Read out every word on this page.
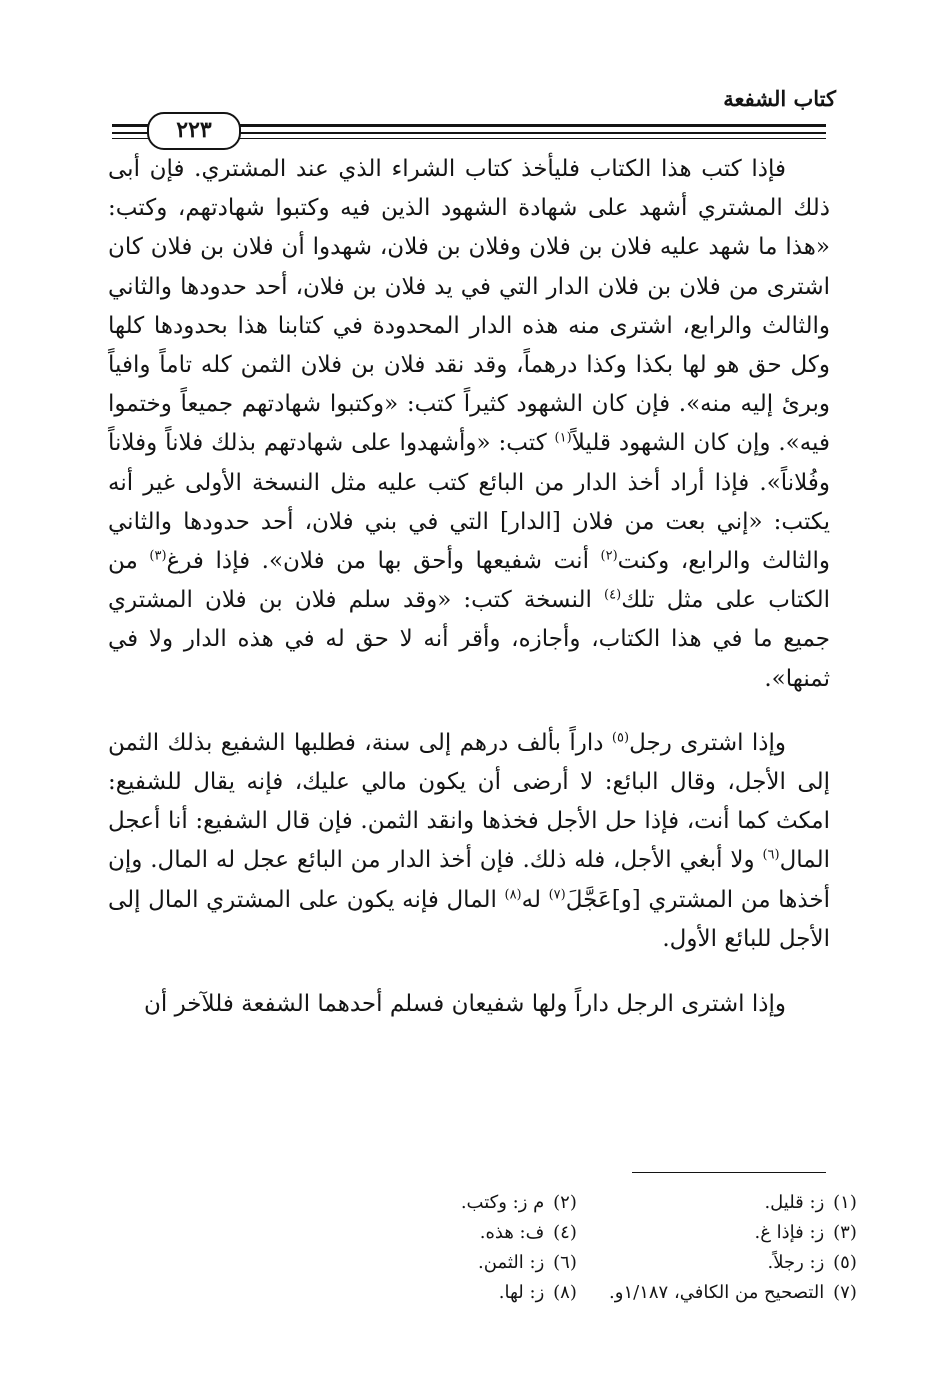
كتاب الشفعة
٢٢٣

فإذا كتب هذا الكتاب فليأخذ كتاب الشراء الذي عند المشتري. فإن أبى ذلك المشتري أشهد على شهادة الشهود الذين فيه وكتبوا شهادتهم، وكتب: «هذا ما شهد عليه فلان بن فلان وفلان بن فلان، شهدوا أن فلان بن فلان كان اشترى من فلان بن فلان الدار التي في يد فلان بن فلان، أحد حدودها والثاني والثالث والرابع، اشترى منه هذه الدار المحدودة في كتابنا هذا بحدودها كلها وكل حق هو لها بكذا وكذا درهماً، وقد نقد فلان بن فلان الثمن كله تاماً وافياً وبرئ إليه منه». فإن كان الشهود كثيراً كتب: «وكتبوا شهادتهم جميعاً وختموا فيه». وإن كان الشهود قليلاً$^{(١)}$ كتب: «وأشهدوا على شهادتهم بذلك فلاناً وفلاناً وفُلاناً». فإذا أراد أخذ الدار من البائع كتب عليه مثل النسخة الأولى غير أنه يكتب: «إني بعت من فلان [الدار] التي في بني فلان، أحد حدودها والثاني والثالث والرابع، وكنت$^{(٢)}$ أنت شفيعها وأحق بها من فلان». فإذا فرغ$^{(٣)}$ من الكتاب على مثل تلك$^{(٤)}$ النسخة كتب: «وقد سلم فلان بن فلان المشتري جميع ما في هذا الكتاب، وأجازه، وأقر أنه لا حق له في هذه الدار ولا في ثمنها».

وإذا اشترى رجل$^{(٥)}$ داراً بألف درهم إلى سنة، فطلبها الشفيع بذلك الثمن إلى الأجل، وقال البائع: لا أرضى أن يكون مالي عليك، فإنه يقال للشفيع: امكث كما أنت، فإذا حل الأجل فخذها وانقد الثمن. فإن قال الشفيع: أنا أعجل المال$^{(٦)}$ ولا أبغي الأجل، فله ذلك. فإن أخذ الدار من البائع عجل له المال. وإن أخذها من المشتري [و]عَجَّلَ$^{(٧)}$ له$^{(٨)}$ المال فإنه يكون على المشتري المال إلى الأجل للبائع الأول.

وإذا اشترى الرجل داراً ولها شفيعان فسلم أحدهما الشفعة فللآخر أن

(١) ز: قليل.
(٢) م ز: وكتب.
(٣) ز: فإذا غ.
(٤) ف: هذه.
(٥) ز: رجلاً.
(٦) ز: الثمن.
(٧) التصحيح من الكافي، ١/١٨٧و.
(٨) ز: لها.
